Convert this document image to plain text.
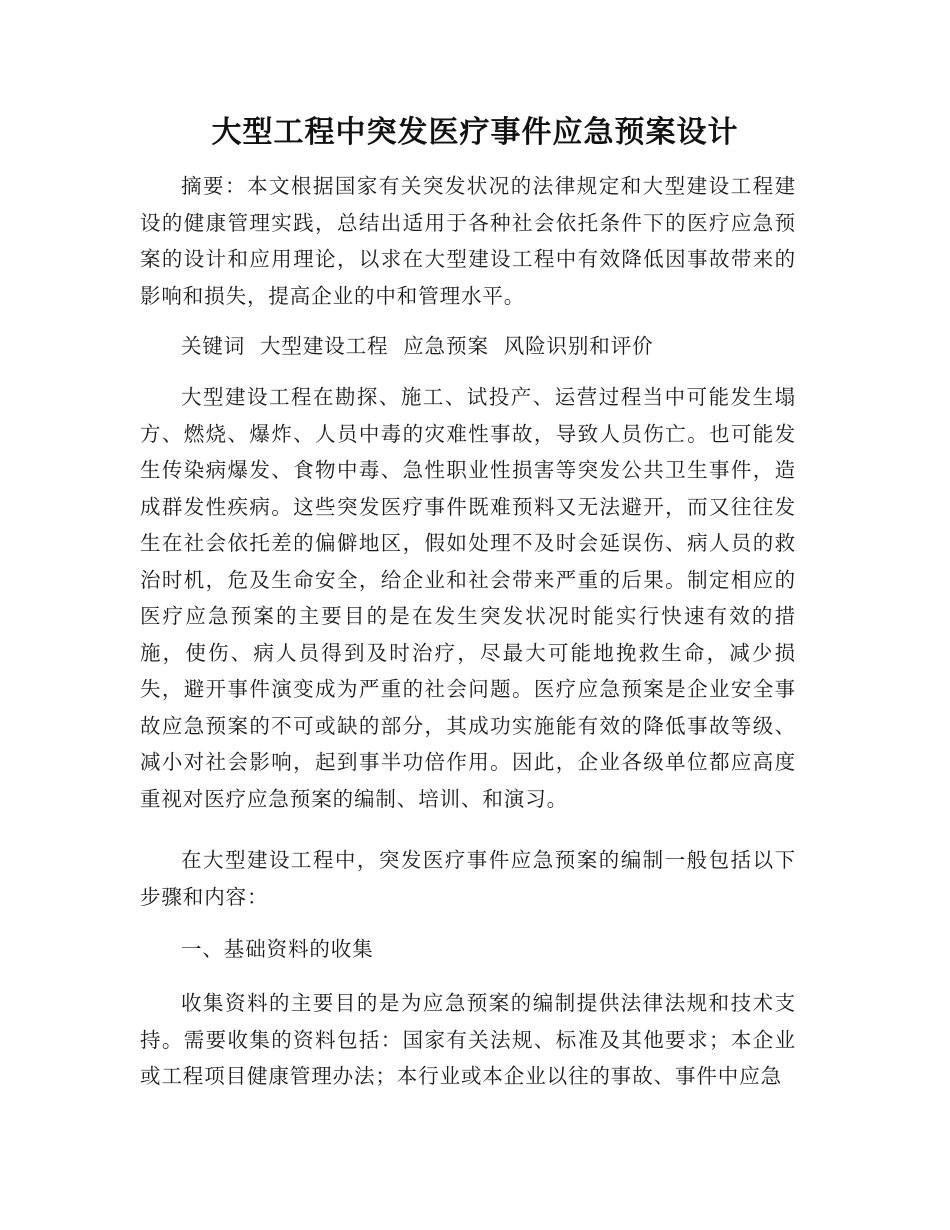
大型工程中突发医疗事件应急预案设计

摘要：本文根据国家有关突发状况的法律规定和大型建设工程建设的健康管理实践，总结出适用于各种社会依托条件下的医疗应急预案的设计和应用理论，以求在大型建设工程中有效降低因事故带来的影响和损失，提高企业的中和管理水平。

关键词  大型建设工程  应急预案  风险识别和评价

大型建设工程在勘探、施工、试投产、运营过程当中可能发生塌方、燃烧、爆炸、人员中毒的灾难性事故，导致人员伤亡。也可能发生传染病爆发、食物中毒、急性职业性损害等突发公共卫生事件，造成群发性疾病。这些突发医疗事件既难预料又无法避开，而又往往发生在社会依托差的偏僻地区，假如处理不及时会延误伤、病人员的救治时机，危及生命安全，给企业和社会带来严重的后果。制定相应的医疗应急预案的主要目的是在发生突发状况时能实行快速有效的措施，使伤、病人员得到及时治疗，尽最大可能地挽救生命，减少损失，避开事件演变成为严重的社会问题。医疗应急预案是企业安全事故应急预案的不可或缺的部分，其成功实施能有效的降低事故等级、减小对社会影响，起到事半功倍作用。因此，企业各级单位都应高度重视对医疗应急预案的编制、培训、和演习。

在大型建设工程中，突发医疗事件应急预案的编制一般包括以下步骤和内容：

一、基础资料的收集

收集资料的主要目的是为应急预案的编制提供法律法规和技术支持。需要收集的资料包括：国家有关法规、标准及其他要求；本企业或工程项目健康管理办法；本行业或本企业以往的事故、事件中应急
